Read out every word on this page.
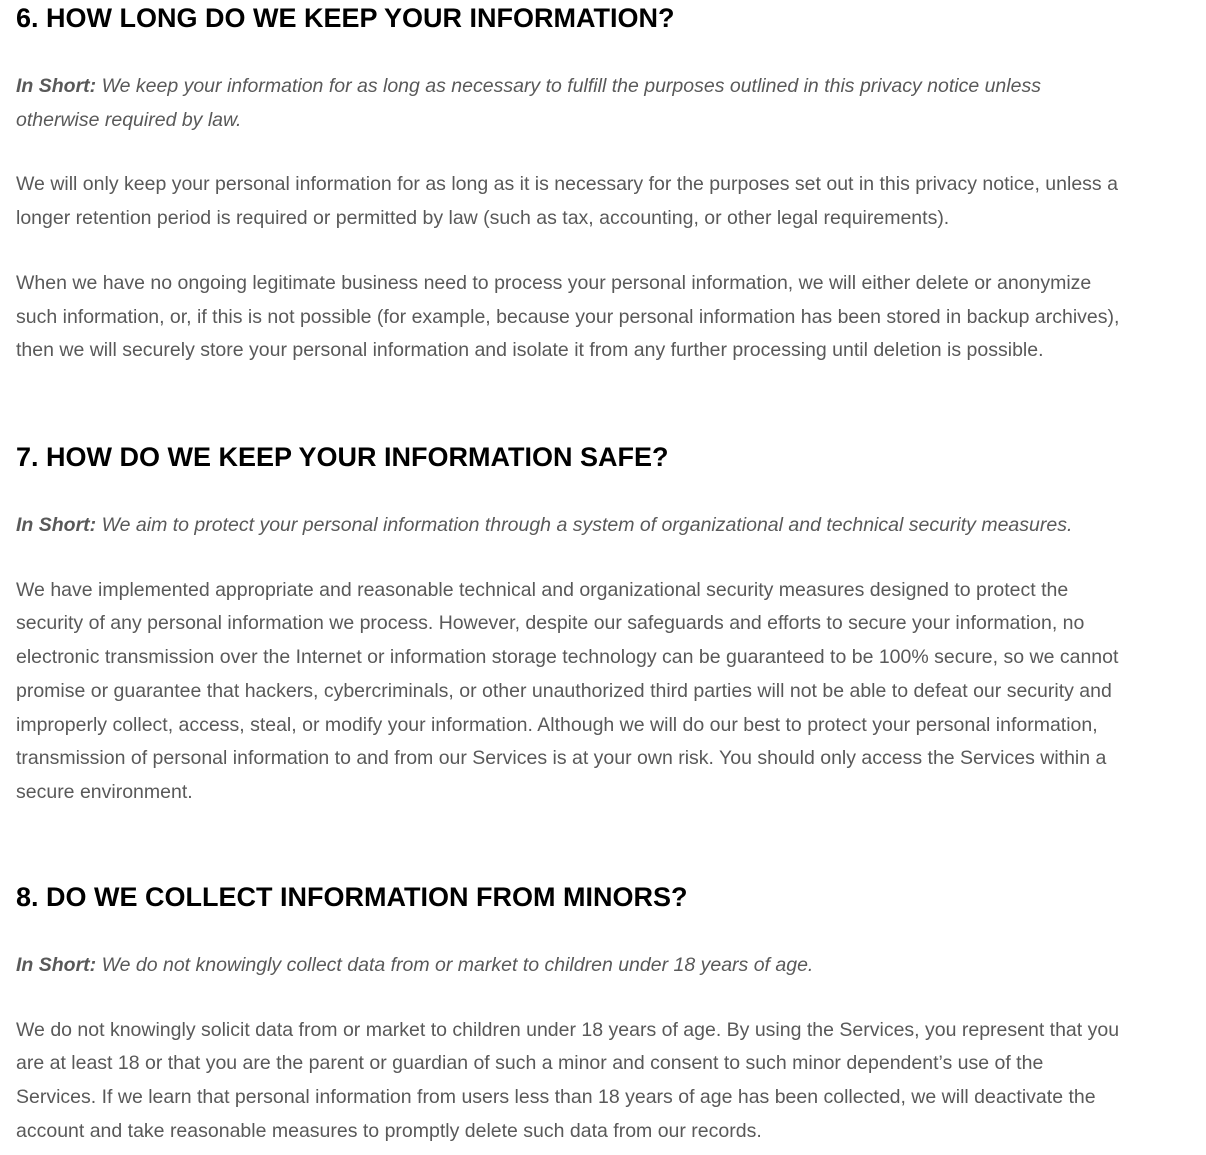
6. HOW LONG DO WE KEEP YOUR INFORMATION?

In Short: We keep your information for as long as necessary to fulfill the purposes outlined in this privacy notice unless otherwise required by law.

We will only keep your personal information for as long as it is necessary for the purposes set out in this privacy notice, unless a longer retention period is required or permitted by law (such as tax, accounting, or other legal requirements).

When we have no ongoing legitimate business need to process your personal information, we will either delete or anonymize such information, or, if this is not possible (for example, because your personal information has been stored in backup archives), then we will securely store your personal information and isolate it from any further processing until deletion is possible.

7. HOW DO WE KEEP YOUR INFORMATION SAFE?

In Short: We aim to protect your personal information through a system of organizational and technical security measures.

We have implemented appropriate and reasonable technical and organizational security measures designed to protect the security of any personal information we process. However, despite our safeguards and efforts to secure your information, no electronic transmission over the Internet or information storage technology can be guaranteed to be 100% secure, so we cannot promise or guarantee that hackers, cybercriminals, or other unauthorized third parties will not be able to defeat our security and improperly collect, access, steal, or modify your information. Although we will do our best to protect your personal information, transmission of personal information to and from our Services is at your own risk. You should only access the Services within a secure environment.

8. DO WE COLLECT INFORMATION FROM MINORS?

In Short: We do not knowingly collect data from or market to children under 18 years of age.

We do not knowingly solicit data from or market to children under 18 years of age. By using the Services, you represent that you are at least 18 or that you are the parent or guardian of such a minor and consent to such minor dependent’s use of the Services. If we learn that personal information from users less than 18 years of age has been collected, we will deactivate the account and take reasonable measures to promptly delete such data from our records.
